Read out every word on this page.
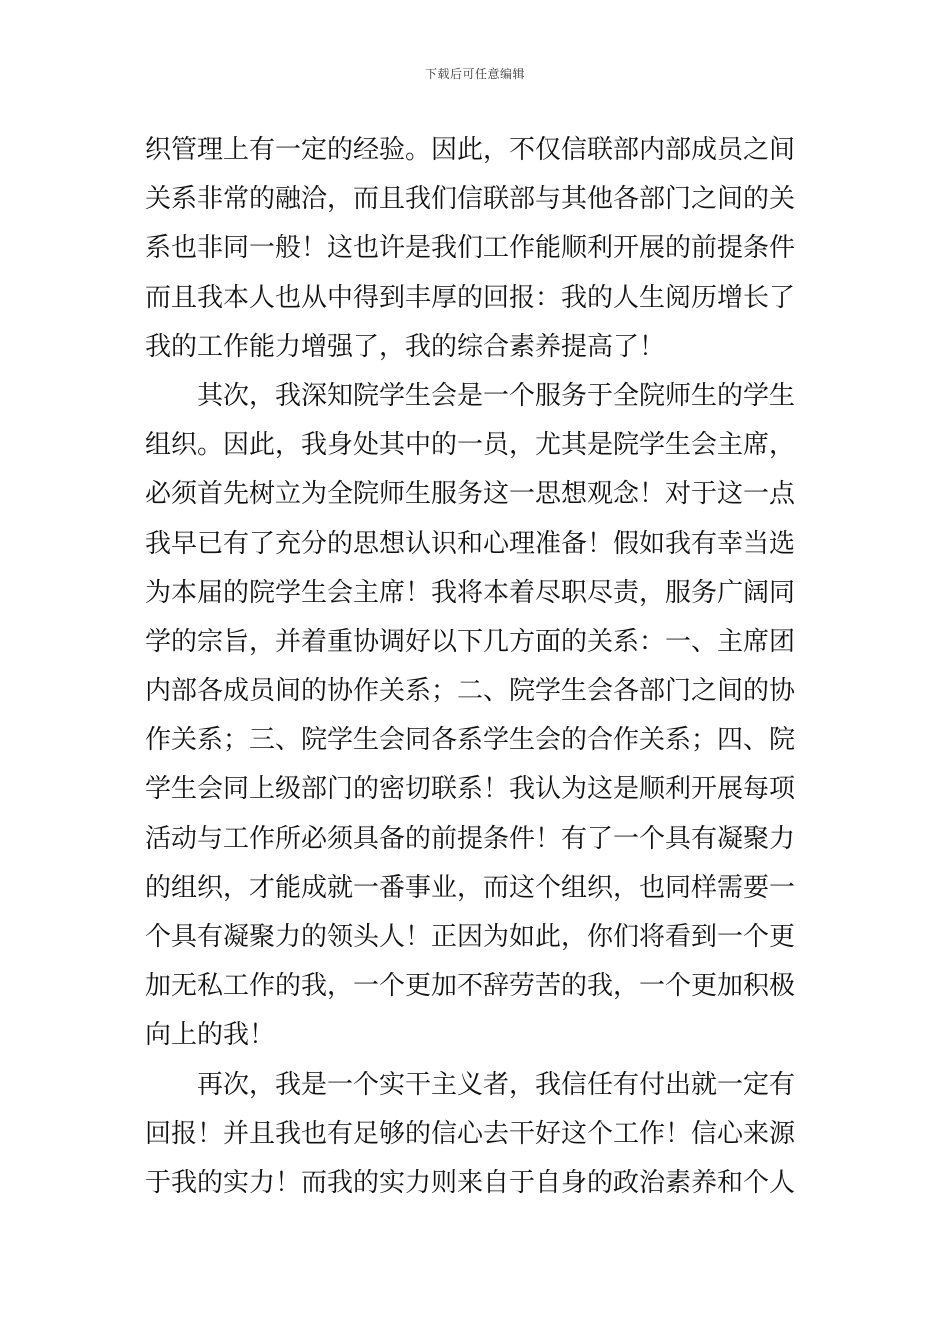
下载后可任意编辑
织管理上有一定的经验。因此，不仅信联部内部成员之间
关系非常的融洽，而且我们信联部与其他各部门之间的关
系也非同一般！这也许是我们工作能顺利开展的前提条件
而且我本人也从中得到丰厚的回报：我的人生阅历增长了
我的工作能力增强了，我的综合素养提高了！
其次，我深知院学生会是一个服务于全院师生的学生
组织。因此，我身处其中的一员，尤其是院学生会主席，
必须首先树立为全院师生服务这一思想观念！对于这一点
我早已有了充分的思想认识和心理准备！假如我有幸当选
为本届的院学生会主席！我将本着尽职尽责，服务广阔同
学的宗旨，并着重协调好以下几方面的关系：一、主席团
内部各成员间的协作关系；二、院学生会各部门之间的协
作关系；三、院学生会同各系学生会的合作关系；四、院
学生会同上级部门的密切联系！我认为这是顺利开展每项
活动与工作所必须具备的前提条件！有了一个具有凝聚力
的组织，才能成就一番事业，而这个组织，也同样需要一
个具有凝聚力的领头人！正因为如此，你们将看到一个更
加无私工作的我，一个更加不辞劳苦的我，一个更加积极
向上的我！
再次，我是一个实干主义者，我信任有付出就一定有
回报！并且我也有足够的信心去干好这个工作！信心来源
于我的实力！而我的实力则来自于自身的政治素养和个人
